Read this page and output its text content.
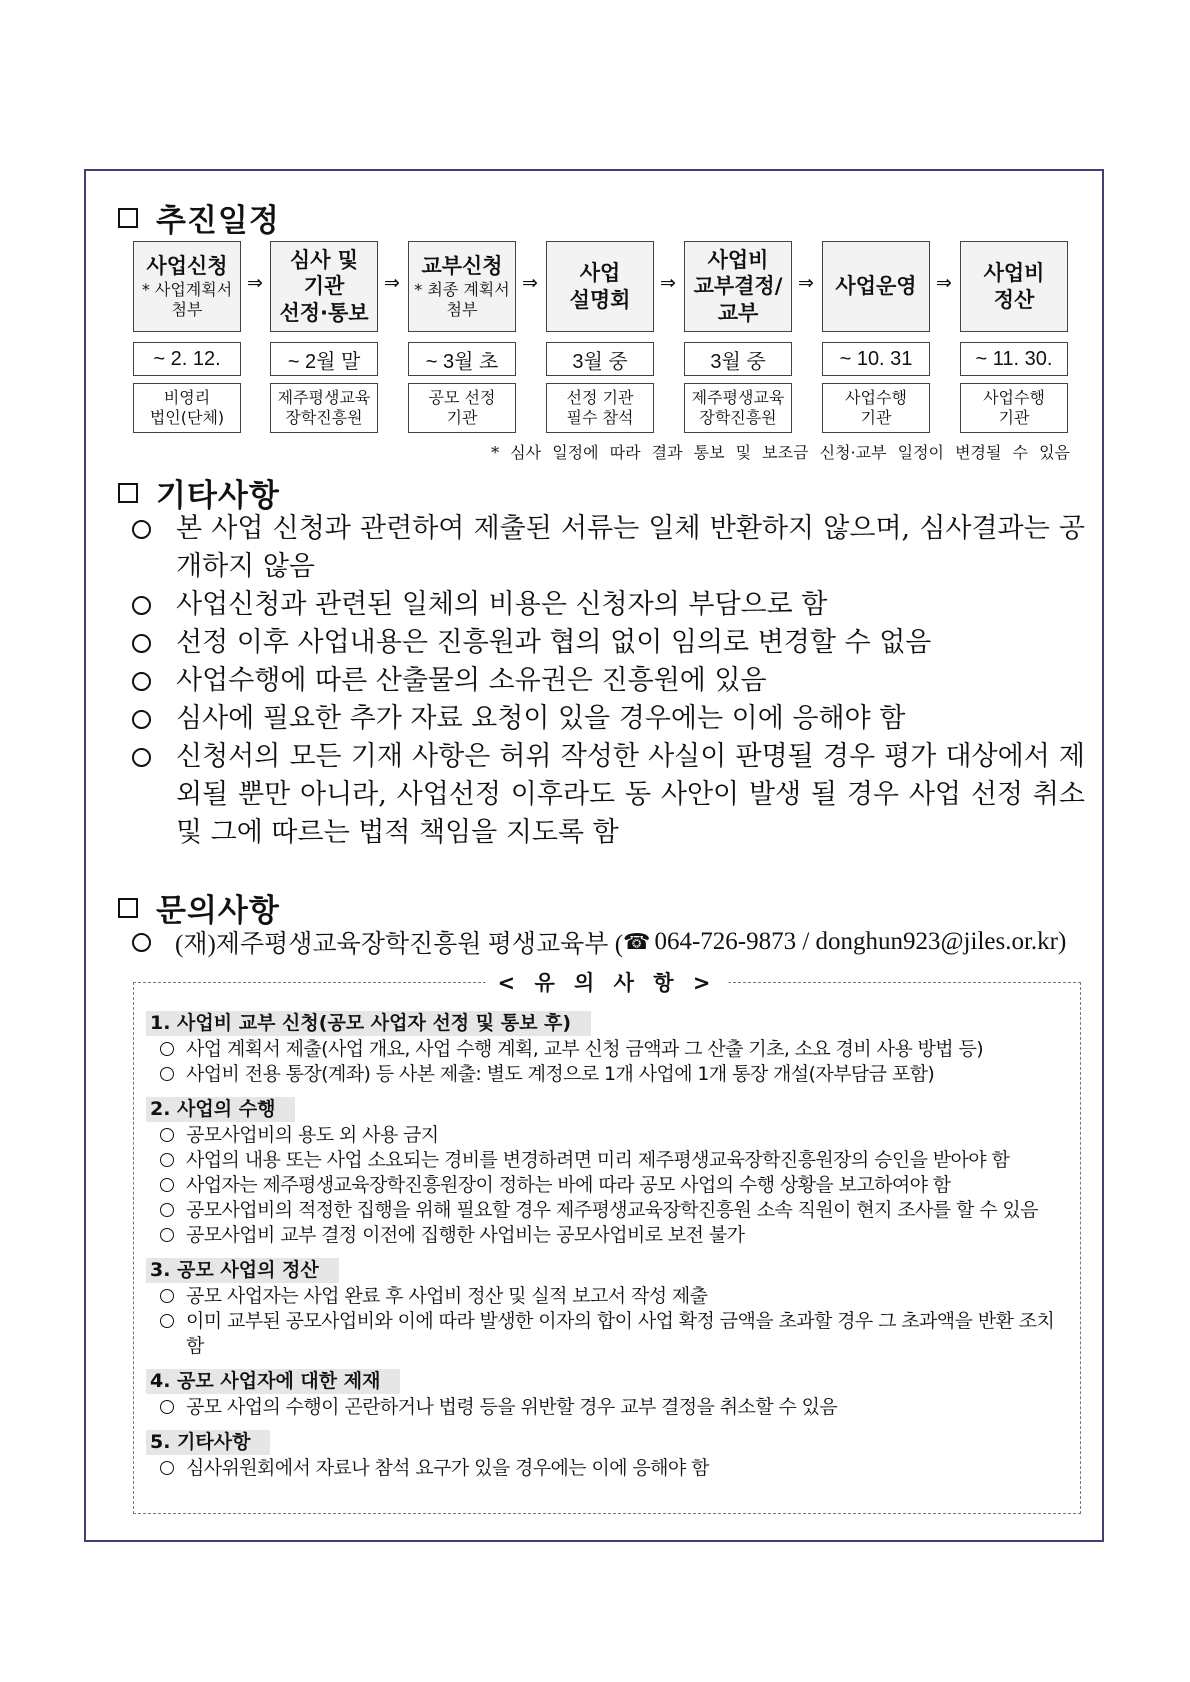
추진일정
사업신청
* 사업계획서
첨부
~ 2. 12.
비영리
법인(단체)
⇒
심사 및
기관
선정·통보
~ 2월 말
제주평생교육
장학진흥원
⇒
교부신청
* 최종 계획서
첨부
~ 3월 초
공모 선정
기관
⇒	사업
설명회
3월 중
선정 기관
필수 참석
⇒
사업비
교부결정/
교부
3월 중
제주평생교육
장학진흥원
⇒ 사업운영
~ 10. 31
사업수행
기관
⇒ 사업비
정산
~ 11. 30.
사업수행
기관
* 심사 일정에 따라 결과 통보 및 보조금 신청·교부 일정이 변경될 수 있음
기타사항
본 사업 신청과 관련하여 제출된 서류는 일체 반환하지 않으며, 심사결과는 공개하지 않음
사업신청과 관련된 일체의 비용은 신청자의 부담으로 함
선정 이후 사업내용은 진흥원과 협의 없이 임의로 변경할 수 없음
사업수행에 따른 산출물의 소유권은 진흥원에 있음
심사에 필요한 추가 자료 요청이 있을 경우에는 이에 응해야 함
신청서의 모든 기재 사항은 허위 작성한 사실이 판명될 경우 평가 대상에서 제외될 뿐만 아니라, 사업선정 이후라도 동 사안이 발생 될 경우 사업 선정 취소 및 그에 따르는 법적 책임을 지도록 함
문의사항
(재)제주평생교육장학진흥원 평생교육부 ( ☎ 064-726-9873 / donghun923@jiles.or.kr)
< 유 의 사 항 >
1. 사업비 교부 신청(공모 사업자 선정 및 통보 후)
사업 계획서 제출(사업 개요, 사업 수행 계획, 교부 신청 금액과 그 산출 기초, 소요 경비 사용 방법 등)
사업비 전용 통장(계좌) 등 사본 제출: 별도 계정으로 1개 사업에 1개 통장 개설(자부담금 포함)
2. 사업의 수행
공모사업비의 용도 외 사용 금지
사업의 내용 또는 사업 소요되는 경비를 변경하려면 미리 제주평생교육장학진흥원장의 승인을 받아야 함
사업자는 제주평생교육장학진흥원장이 정하는 바에 따라 공모 사업의 수행 상황을 보고하여야 함
공모사업비의 적정한 집행을 위해 필요할 경우 제주평생교육장학진흥원 소속 직원이 현지 조사를 할 수 있음
공모사업비 교부 결정 이전에 집행한 사업비는 공모사업비로 보전 불가
3. 공모 사업의 정산
공모 사업자는 사업 완료 후 사업비 정산 및 실적 보고서 작성 제출
이미 교부된 공모사업비와 이에 따라 발생한 이자의 합이 사업 확정 금액을 초과할 경우 그 초과액을 반환 조치함
4. 공모 사업자에 대한 제재
공모 사업의 수행이 곤란하거나 법령 등을 위반할 경우 교부 결정을 취소할 수 있음
5. 기타사항
심사위원회에서 자료나 참석 요구가 있을 경우에는 이에 응해야 함
